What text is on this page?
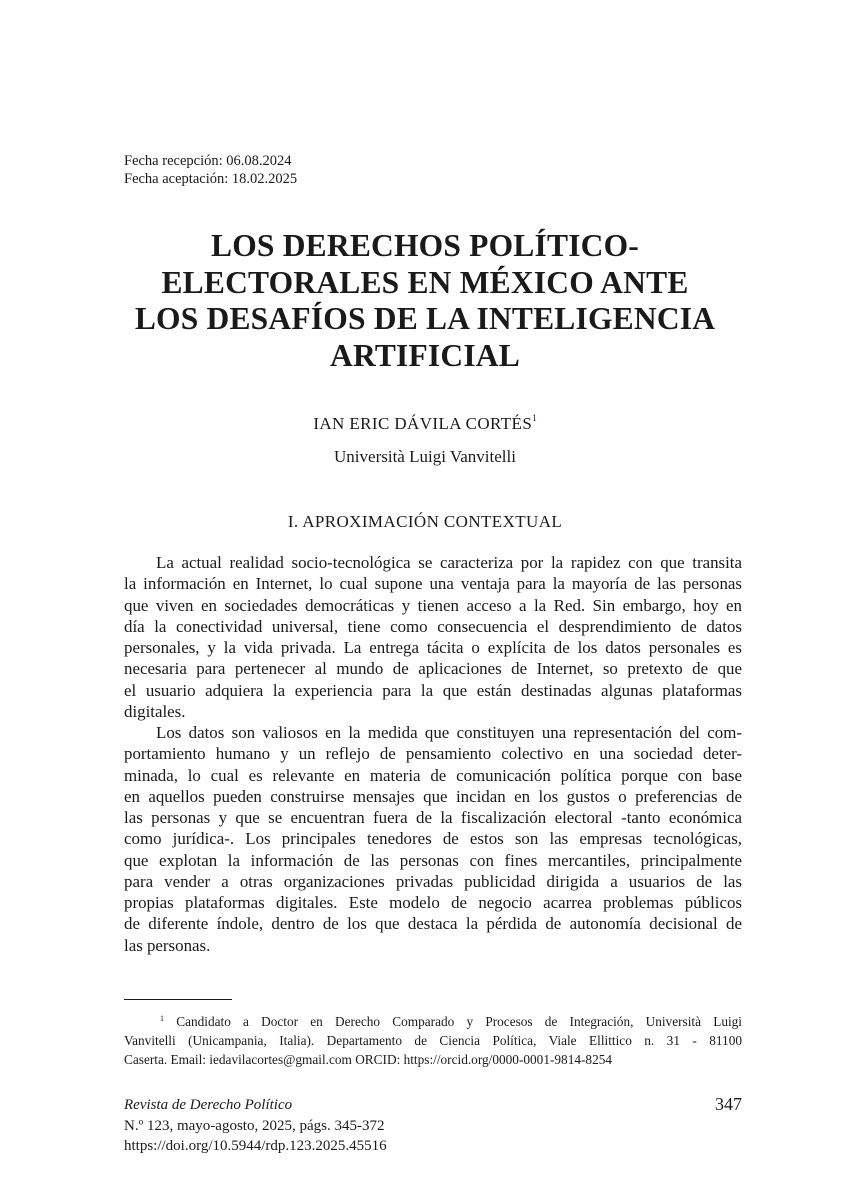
Fecha recepción: 06.08.2024
Fecha aceptación: 18.02.2025
LOS DERECHOS POLÍTICO-
ELECTORALES EN MÉXICO ANTE
LOS DESAFÍOS DE LA INTELIGENCIA
ARTIFICIAL
IAN ERIC DÁVILA CORTÉS$^1$
Università Luigi Vanvitelli
I. APROXIMACIÓN CONTEXTUAL
La actual realidad socio-tecnológica se caracteriza por la rapidez con que transita
la información en Internet, lo cual supone una ventaja para la mayoría de las personas
que viven en sociedades democráticas y tienen acceso a la Red. Sin embargo, hoy en
día la conectividad universal, tiene como consecuencia el desprendimiento de datos
personales, y la vida privada. La entrega tácita o explícita de los datos personales es
necesaria para pertenecer al mundo de aplicaciones de Internet, so pretexto de que
el usuario adquiera la experiencia para la que están destinadas algunas plataformas
digitales.
Los datos son valiosos en la medida que constituyen una representación del com-
portamiento humano y un reflejo de pensamiento colectivo en una sociedad deter-
minada, lo cual es relevante en materia de comunicación política porque con base
en aquellos pueden construirse mensajes que incidan en los gustos o preferencias de
las personas y que se encuentran fuera de la fiscalización electoral -tanto económica
como jurídica-. Los principales tenedores de estos son las empresas tecnológicas,
que explotan la información de las personas con fines mercantiles, principalmente
para vender a otras organizaciones privadas publicidad dirigida a usuarios de las
propias plataformas digitales. Este modelo de negocio acarrea problemas públicos
de diferente índole, dentro de los que destaca la pérdida de autonomía decisional de
las personas.
$^1$ Candidato a Doctor en Derecho Comparado y Procesos de Integración, Università Luigi
Vanvitelli (Unicampania, Italia). Departamento de Ciencia Política, Viale Ellittico n. 31 - 81100
Caserta. Email: iedavilacortes@gmail.com ORCID: https://orcid.org/0000-0001-9814-8254
Revista de Derecho Político
N.º 123, mayo-agosto, 2025, págs. 345-372
https://doi.org/10.5944/rdp.123.2025.45516
347
